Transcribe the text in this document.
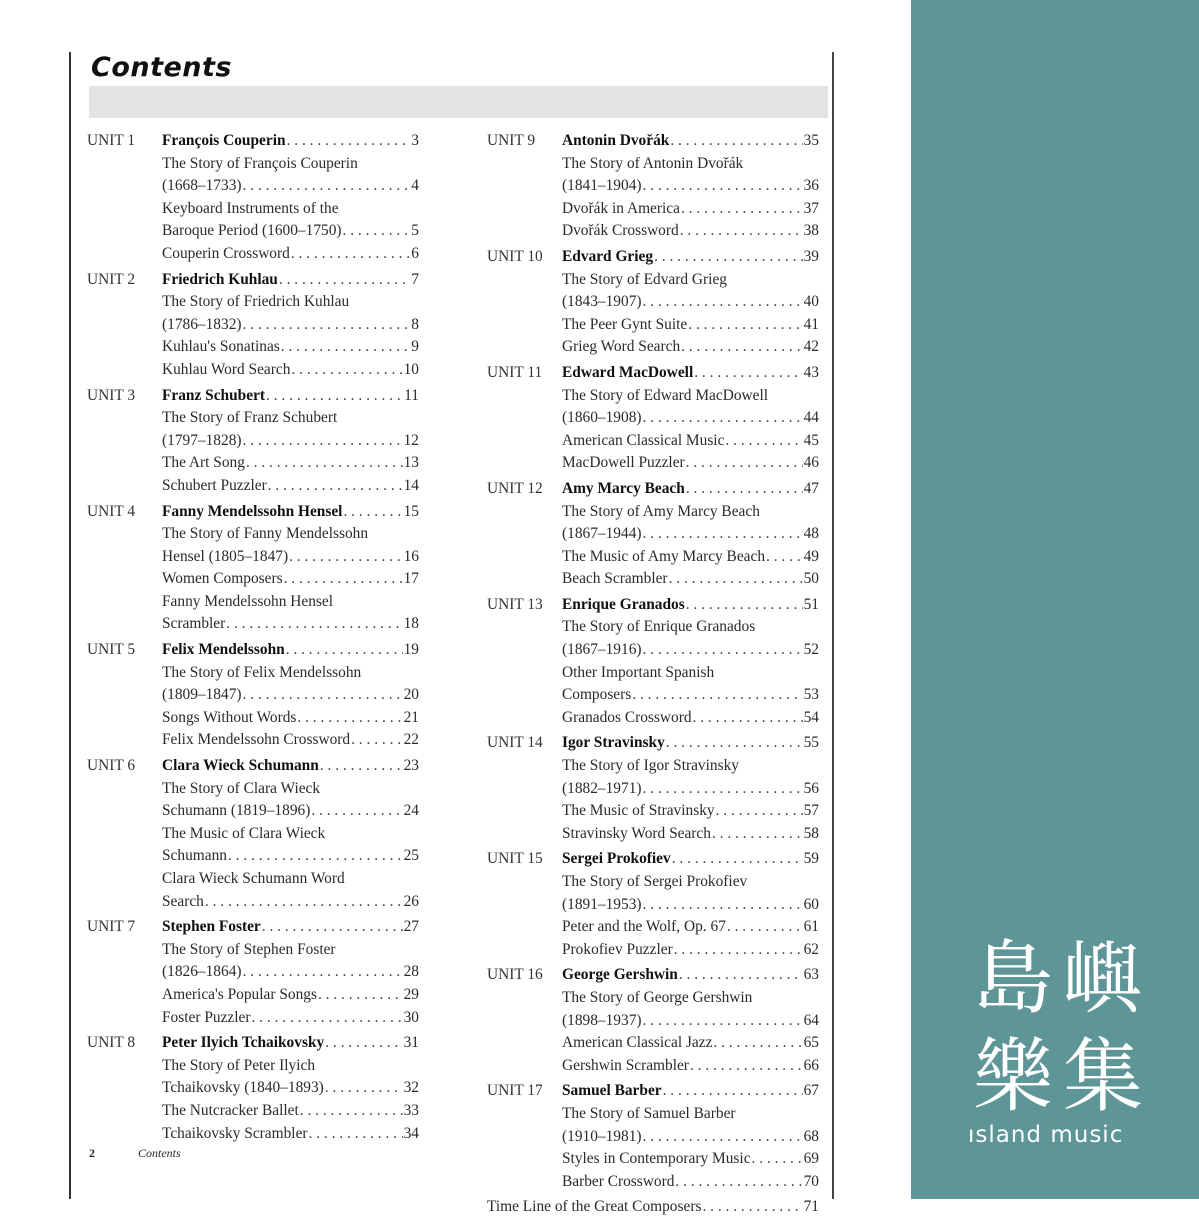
Contents
UNIT 1	François Couperin . . .	3
The Story of François Couperin
(1668–1733) . . .	4
Keyboard Instruments of the
Baroque Period (1600–1750) . . .	5
Couperin Crossword . . .	6
UNIT 2	Friedrich Kuhlau . . .	7
The Story of Friedrich Kuhlau
(1786–1832) . . .	8
Kuhlau's Sonatinas . . .	9
Kuhlau Word Search . . .	10
UNIT 3	Franz Schubert . . .	11
The Story of Franz Schubert
(1797–1828) . . .	12
The Art Song . . .	13
Schubert Puzzler . . .	14
UNIT 4	Fanny Mendelssohn Hensel . . .	15
The Story of Fanny Mendelssohn
Hensel (1805–1847) . . .	16
Women Composers . . .	17
Fanny Mendelssohn Hensel
Scrambler . . .	18
UNIT 5	Felix Mendelssohn . . .	19
The Story of Felix Mendelssohn
(1809–1847) . . .	20
Songs Without Words . . .	21
Felix Mendelssohn Crossword . . .	22
UNIT 6	Clara Wieck Schumann . . .	23
The Story of Clara Wieck
Schumann (1819–1896) . . .	24
The Music of Clara Wieck
Schumann . . .	25
Clara Wieck Schumann Word
Search . . .	26
UNIT 7	Stephen Foster . . .	27
The Story of Stephen Foster
(1826–1864) . . .	28
America's Popular Songs . . .	29
Foster Puzzler . . .	30
UNIT 8	Peter Ilyich Tchaikovsky . . .	31
The Story of Peter Ilyich
Tchaikovsky (1840–1893) . . .	32
The Nutcracker Ballet . . .	33
Tchaikovsky Scrambler . . .	34
UNIT 9	Antonin Dvořák . . .	35
The Story of Antonin Dvořák
(1841–1904) . . .	36
Dvořák in America . . .	37
Dvořák Crossword . . .	38
UNIT 10	Edvard Grieg . . .	39
The Story of Edvard Grieg
(1843–1907) . . .	40
The Peer Gynt Suite . . .	41
Grieg Word Search . . .	42
UNIT 11	Edward MacDowell . . .	43
The Story of Edward MacDowell
(1860–1908) . . .	44
American Classical Music . . .	45
MacDowell Puzzler . . .	46
UNIT 12	Amy Marcy Beach . . .	47
The Story of Amy Marcy Beach
(1867–1944) . . .	48
The Music of Amy Marcy Beach . . .	49
Beach Scrambler . . .	50
UNIT 13	Enrique Granados . . .	51
The Story of Enrique Granados
(1867–1916) . . .	52
Other Important Spanish
Composers . . .	53
Granados Crossword . . .	54
UNIT 14	Igor Stravinsky . . .	55
The Story of Igor Stravinsky
(1882–1971) . . .	56
The Music of Stravinsky . . .	57
Stravinsky Word Search . . .	58
UNIT 15	Sergei Prokofiev . . .	59
The Story of Sergei Prokofiev
(1891–1953) . . .	60
Peter and the Wolf, Op. 67 . . .	61
Prokofiev Puzzler . . .	62
UNIT 16	George Gershwin . . .	63
The Story of George Gershwin
(1898–1937) . . .	64
American Classical Jazz . . .	65
Gershwin Scrambler . . .	66
UNIT 17	Samuel Barber . . .	67
The Story of Samuel Barber
(1910–1981) . . .	68
Styles in Contemporary Music . . .	69
Barber Crossword . . .	70
Time Line of the Great Composers . . .	71
2	Contents
島 嶼
樂 集
ısland music
